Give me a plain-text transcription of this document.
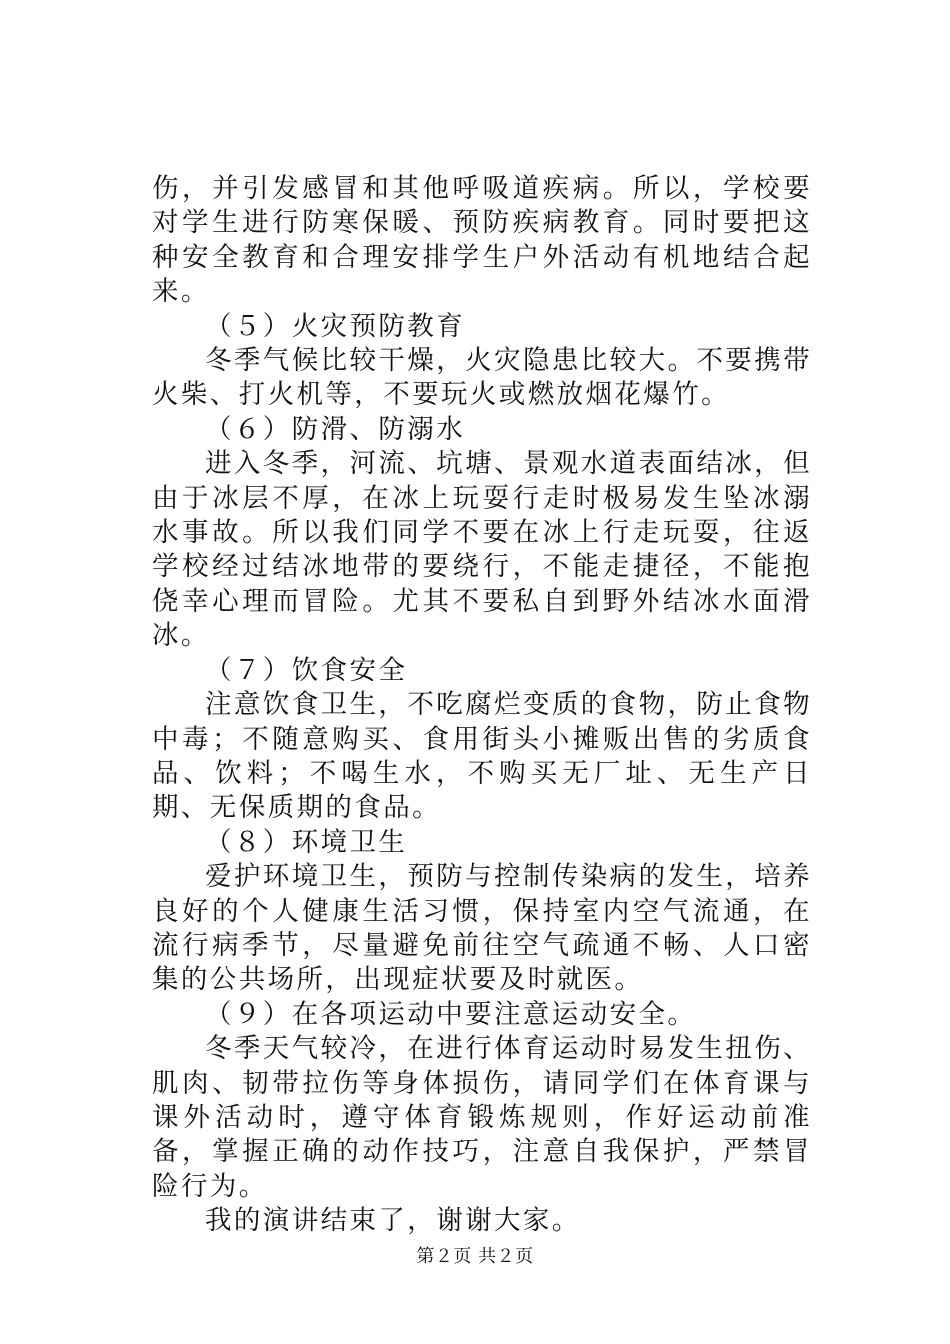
伤，并引发感冒和其他呼吸道疾病。所以，学校要对学生进行防寒保暖、预防疾病教育。同时要把这种安全教育和合理安排学生户外活动有机地结合起来。

（５）火灾预防教育

冬季气候比较干燥，火灾隐患比较大。不要携带火柴、打火机等，不要玩火或燃放烟花爆竹。

（６）防滑、防溺水

进入冬季，河流、坑塘、景观水道表面结冰，但由于冰层不厚，在冰上玩耍行走时极易发生坠冰溺水事故。所以我们同学不要在冰上行走玩耍，往返学校经过结冰地带的要绕行，不能走捷径，不能抱侥幸心理而冒险。尤其不要私自到野外结冰水面滑冰。

（７）饮食安全

注意饮食卫生，不吃腐烂变质的食物，防止食物中毒；不随意购买、食用街头小摊贩出售的劣质食品、饮料；不喝生水，不购买无厂址、无生产日期、无保质期的食品。

（８）环境卫生

爱护环境卫生，预防与控制传染病的发生，培养良好的个人健康生活习惯，保持室内空气流通，在流行病季节，尽量避免前往空气疏通不畅、人口密集的公共场所，出现症状要及时就医。

（９）在各项运动中要注意运动安全。

冬季天气较冷，在进行体育运动时易发生扭伤、肌肉、韧带拉伤等身体损伤，请同学们在体育课与课外活动时，遵守体育锻炼规则，作好运动前准备，掌握正确的动作技巧，注意自我保护，严禁冒险行为。

我的演讲结束了，谢谢大家。

第２页 共２页
